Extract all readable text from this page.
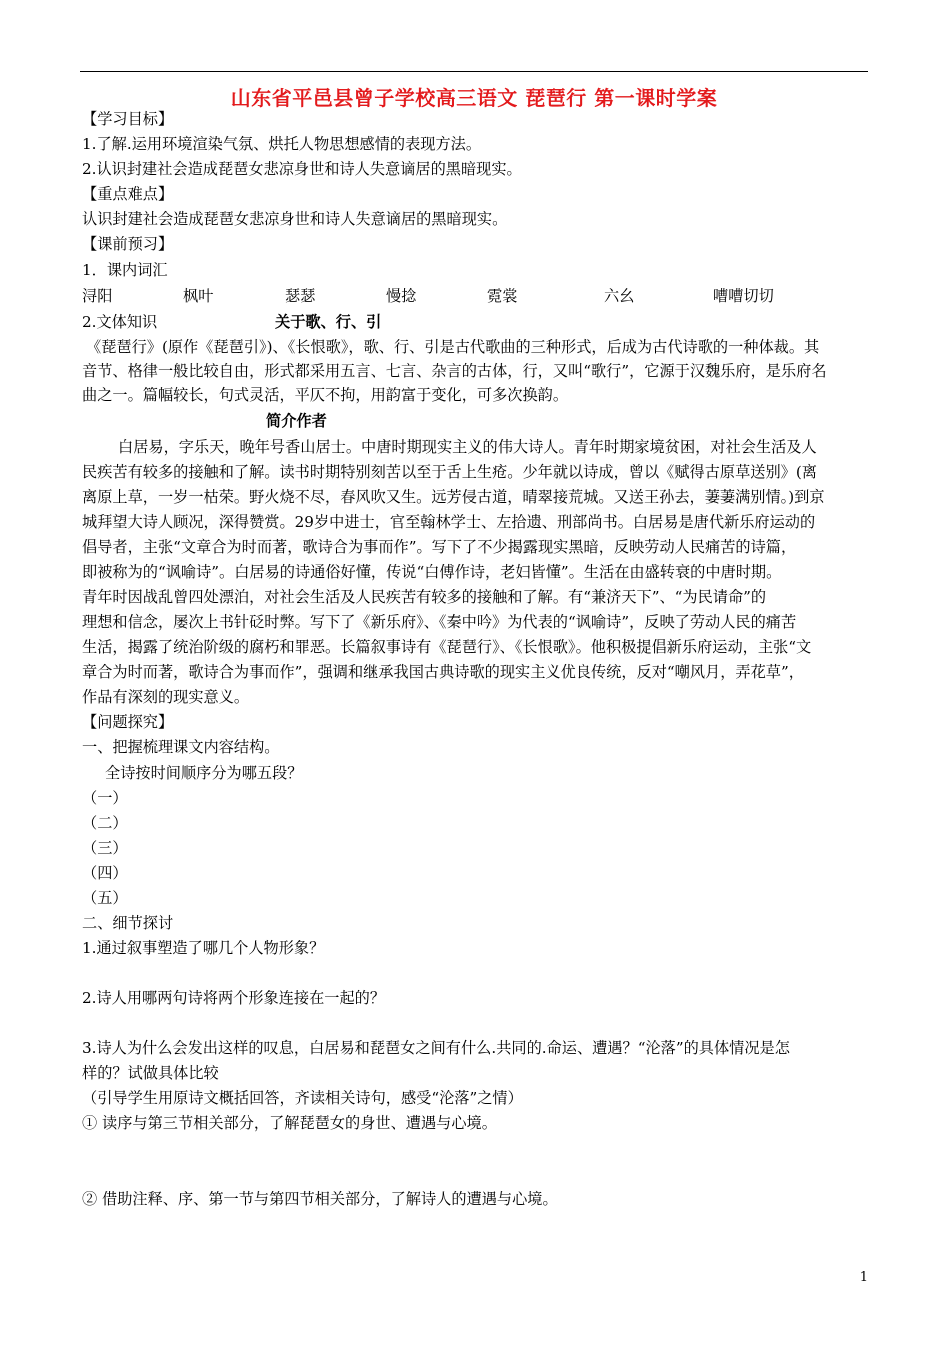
山东省平邑县曾子学校高三语文 琵琶行 第一课时学案
【学习目标】
1.了解.运用环境渲染气氛、烘托人物思想感情的表现方法。
2.认识封建社会造成琵琶女悲凉身世和诗人失意谪居的黑暗现实。
【重点难点】
认识封建社会造成琵琶女悲凉身世和诗人失意谪居的黑暗现实。
【课前预习】
1．课内词汇
浔阳	枫叶	瑟瑟	慢捻	霓裳	六幺	嘈嘈切切
2.文体知识	关于歌、行、引
《琵琶行》(原作《琵琶引》)、《长恨歌》，歌、行、引是古代歌曲的三种形式，后成为古代诗歌的一种体裁。其
音节、格律一般比较自由，形式都采用五言、七言、杂言的古体，行，又叫“歌行”，它源于汉魏乐府，是乐府名
曲之一。篇幅较长，句式灵活，平仄不拘，用韵富于变化，可多次换韵。
简介作者
白居易，字乐天，晚年号香山居士。中唐时期现实主义的伟大诗人。青年时期家境贫困，对社会生活及人
民疾苦有较多的接触和了解。读书时期特别刻苦以至于舌上生疮。少年就以诗成，曾以《赋得古原草送别》(离
离原上草，一岁一枯荣。野火烧不尽，春风吹又生。远芳侵古道，晴翠接荒城。又送王孙去，萋萋满别情。)到京
城拜望大诗人顾况，深得赞赏。29岁中进士，官至翰林学士、左拾遗、刑部尚书。白居易是唐代新乐府运动的
倡导者，主张“文章合为时而著，歌诗合为事而作”。写下了不少揭露现实黑暗，反映劳动人民痛苦的诗篇，
即被称为的“讽喻诗”。白居易的诗通俗好懂，传说“白傅作诗，老妇皆懂”。生活在由盛转衰的中唐时期。
青年时因战乱曾四处漂泊，对社会生活及人民疾苦有较多的接触和了解。有“兼济天下”、“为民请命”的
理想和信念，屡次上书针砭时弊。写下了《新乐府》、《秦中吟》为代表的“讽喻诗”，反映了劳动人民的痛苦
生活，揭露了统治阶级的腐朽和罪恶。长篇叙事诗有《琵琶行》、《长恨歌》。他积极提倡新乐府运动，主张“文
章合为时而著，歌诗合为事而作”，强调和继承我国古典诗歌的现实主义优良传统，反对“嘲风月，弄花草”，
作品有深刻的现实意义。
【问题探究】
一、把握梳理课文内容结构。
全诗按时间顺序分为哪五段？
（一）
（二）
（三）
（四）
（五）
二、细节探讨
1.通过叙事塑造了哪几个人物形象？
2.诗人用哪两句诗将两个形象连接在一起的？
3.诗人为什么会发出这样的叹息，白居易和琵琶女之间有什么.共同的.命运、遭遇？“沦落”的具体情况是怎
样的？试做具体比较
（引导学生用原诗文概括回答，齐读相关诗句，感受“沦落”之情）
① 读序与第三节相关部分，了解琵琶女的身世、遭遇与心境。
② 借助注释、序、第一节与第四节相关部分，了解诗人的遭遇与心境。
1
